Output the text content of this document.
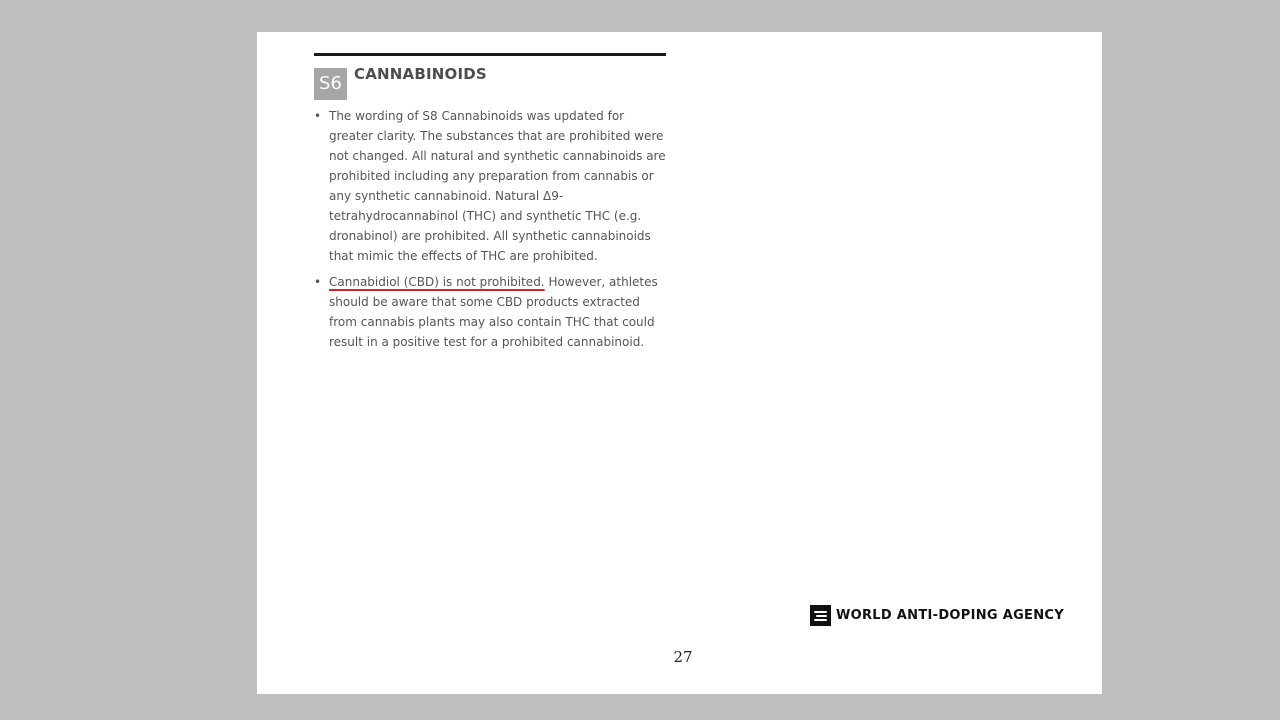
S6 CANNABINOIDS
• The wording of S8 Cannabinoids was updated for greater clarity. The substances that are prohibited were not changed. All natural and synthetic cannabinoids are prohibited including any preparation from cannabis or any synthetic cannabinoid. Natural Δ9-tetrahydrocannabinol (THC) and synthetic THC (e.g. dronabinol) are prohibited. All synthetic cannabinoids that mimic the effects of THC are prohibited.
• Cannabidiol (CBD) is not prohibited. However, athletes should be aware that some CBD products extracted from cannabis plants may also contain THC that could result in a positive test for a prohibited cannabinoid.
WORLD ANTI-DOPING AGENCY
27
